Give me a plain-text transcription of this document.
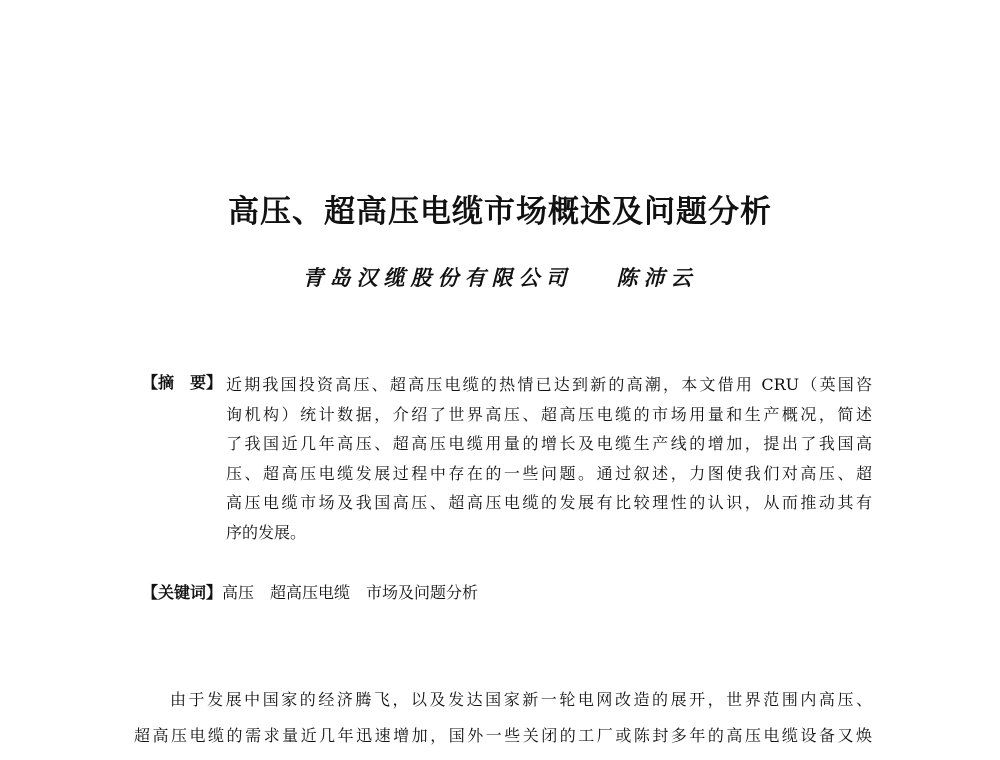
高压、超高压电缆市场概述及问题分析
青岛汉缆股份有限公司 陈沛云
【摘 要】 近期我国投资高压、超高压电缆的热情已达到新的高潮，本文借用 CRU（英国咨
询机构）统计数据，介绍了世界高压、超高压电缆的市场用量和生产概况，简述
了我国近几年高压、超高压电缆用量的增长及电缆生产线的增加，提出了我国高
压、超高压电缆发展过程中存在的一些问题。通过叙述，力图使我们对高压、超
高压电缆市场及我国高压、超高压电缆的发展有比较理性的认识，从而推动其有
序的发展。
【关键词】高压 超高压电缆 市场及问题分析
由于发展中国家的经济腾飞，以及发达国家新一轮电网改造的展开，世界范围内高压、
超高压电缆的需求量近几年迅速增加，国外一些关闭的工厂或陈封多年的高压电缆设备又焕
